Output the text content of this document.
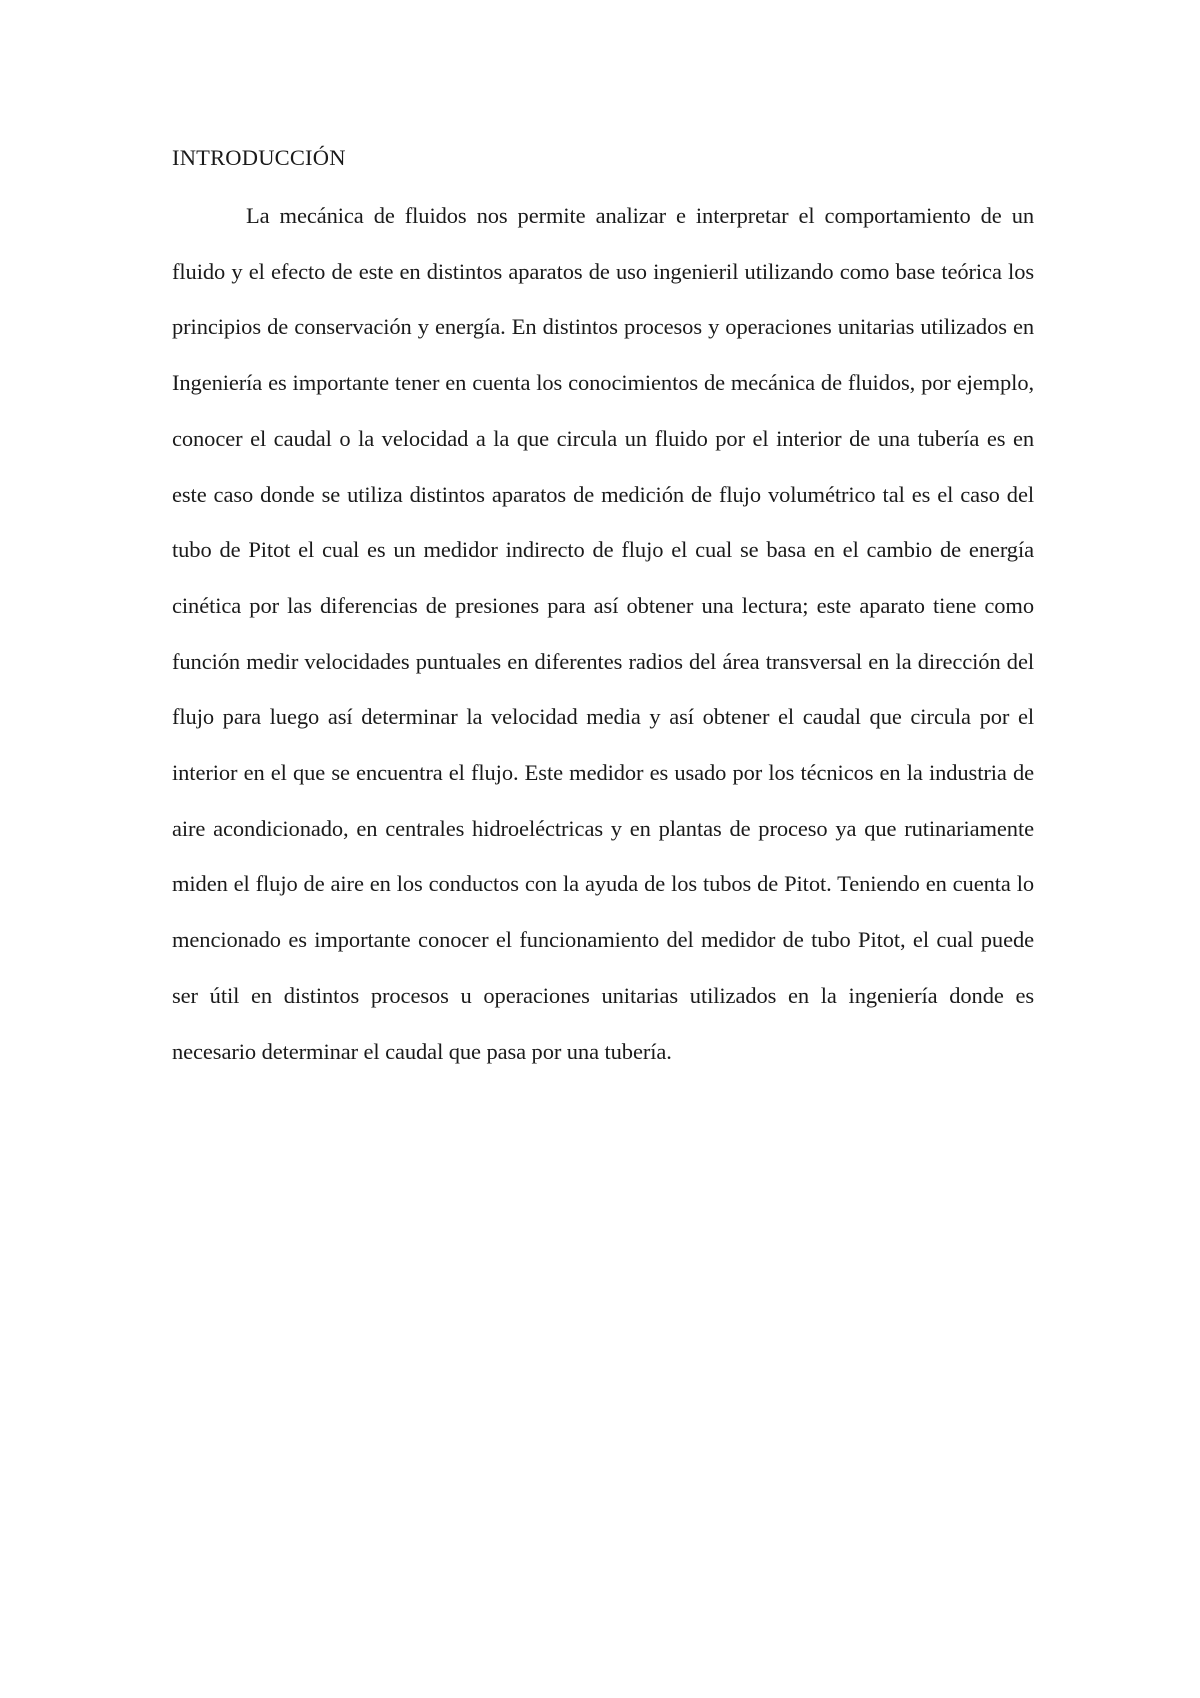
INTRODUCCIÓN

La mecánica de fluidos nos permite analizar e interpretar el comportamiento de un fluido y el efecto de este en distintos aparatos de uso ingenieril utilizando como base teórica los principios de conservación y energía. En distintos procesos y operaciones unitarias utilizados en Ingeniería es importante tener en cuenta los conocimientos de mecánica de fluidos, por ejemplo, conocer el caudal o la velocidad a la que circula un fluido por el interior de una tubería es en este caso donde se utiliza distintos aparatos de medición de flujo volumétrico tal es el caso del tubo de Pitot el cual es un medidor indirecto de flujo el cual se basa en el cambio de energía cinética por las diferencias de presiones para así obtener una lectura; este aparato tiene como función medir velocidades puntuales en diferentes radios del área transversal en la dirección del flujo para luego así determinar la velocidad media y así obtener el caudal que circula por el interior en el que se encuentra el flujo. Este medidor es usado por los técnicos en la industria de aire acondicionado, en centrales hidroeléctricas y en plantas de proceso ya que rutinariamente miden el flujo de aire en los conductos con la ayuda de los tubos de Pitot. Teniendo en cuenta lo mencionado es importante conocer el funcionamiento del medidor de tubo Pitot, el cual puede ser útil en distintos procesos u operaciones unitarias utilizados en la ingeniería donde es necesario determinar el caudal que pasa por una tubería.
